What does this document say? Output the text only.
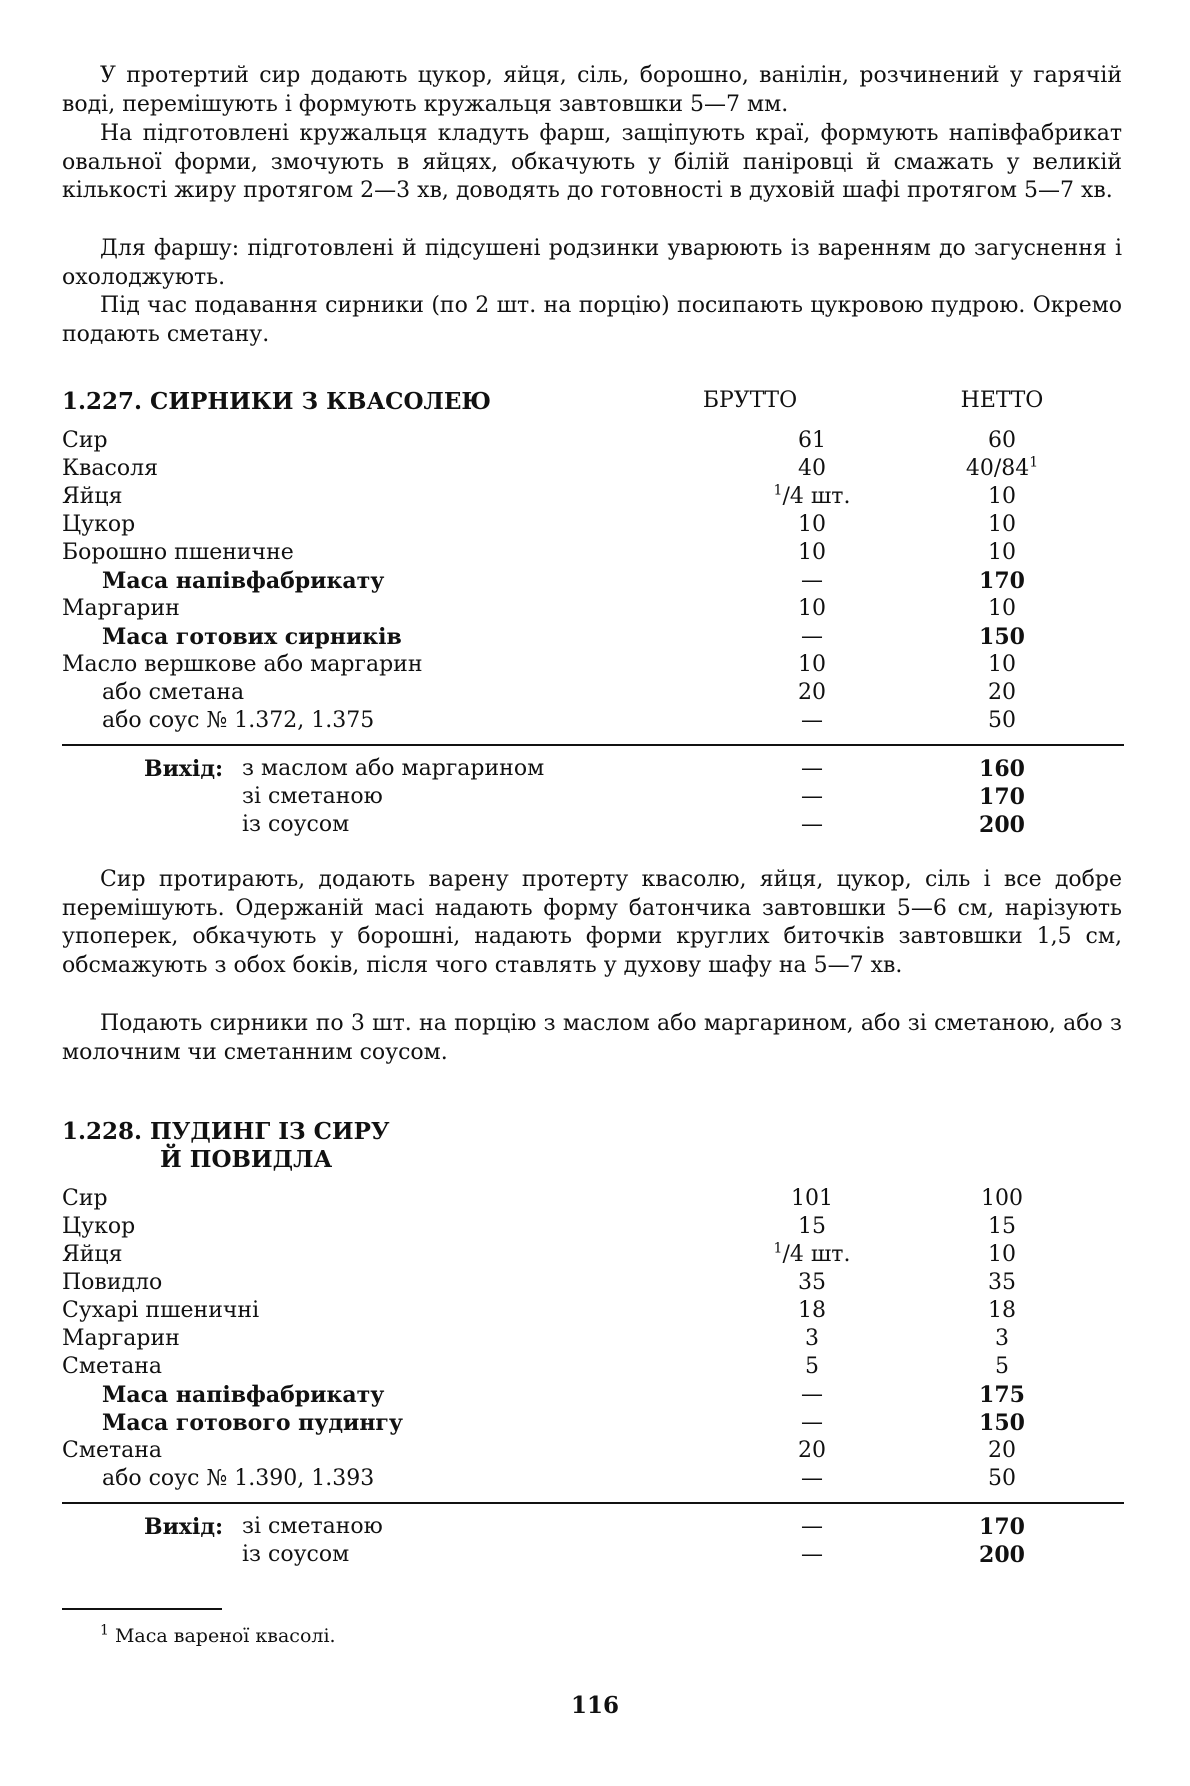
У протертий сир додають цукор, яйця, сіль, борошно, ванілін, розчинений у гарячій воді, перемішують і формують кружальця завтовшки 5—7 мм.

На підготовлені кружальця кладуть фарш, защіпують краї, формують напівфабрикат овальної форми, змочують в яйцях, обкачують у білій паніровці й смажать у великій кількості жиру протягом 2—3 хв, доводять до готовності в духовій шафі протягом 5—7 хв.

Для фаршу: підготовлені й підсушені родзинки уварюють із варенням до загуснення і охолоджують.

Під час подавання сирники (по 2 шт. на порцію) посипають цукровою пудрою. Окремо подають сметану.

1.227. СИРНИКИ З КВАСОЛЕЮ	БРУТТО	НЕТТО
Сир	61	60
Квасоля	40	$40/84^1$
Яйця	$^1$/4 шт.	10
Цукор	10	10
Борошно пшеничне	10	10
Маса напівфабрикату	—	170
Маргарин	10	10
Маса готових сирників	—	150
Масло вершкове або маргарин	10	10
або сметана	20	20
або соус № 1.372, 1.375	—	50
Вихід: з маслом або маргарином	—	160
зі сметаною	—	170
із соусом	—	200

Сир протирають, додають варену протерту квасолю, яйця, цукор, сіль і все добре перемішують. Одержаній масі надають форму батончика завтовшки 5—6 см, нарізують упоперек, обкачують у борошні, надають форми круглих биточків завтовшки 1,5 см, обсмажують з обох боків, після чого ставлять у духову шафу на 5—7 хв.

Подають сирники по 3 шт. на порцію з маслом або маргарином, або зі сметаною, або з молочним чи сметанним соусом.

1.228. ПУДИНГ ІЗ СИРУ
Й ПОВИДЛА
Сир	101	100
Цукор	15	15
Яйця	$^1$/4 шт.	10
Повидло	35	35
Сухарі пшеничні	18	18
Маргарин	3	3
Сметана	5	5
Маса напівфабрикату	—	175
Маса готового пудингу	—	150
Сметана	20	20
або соус № 1.390, 1.393	—	50
Вихід: зі сметаною	—	170
із соусом	—	200
$^1$ Маса вареної квасолі.
116
